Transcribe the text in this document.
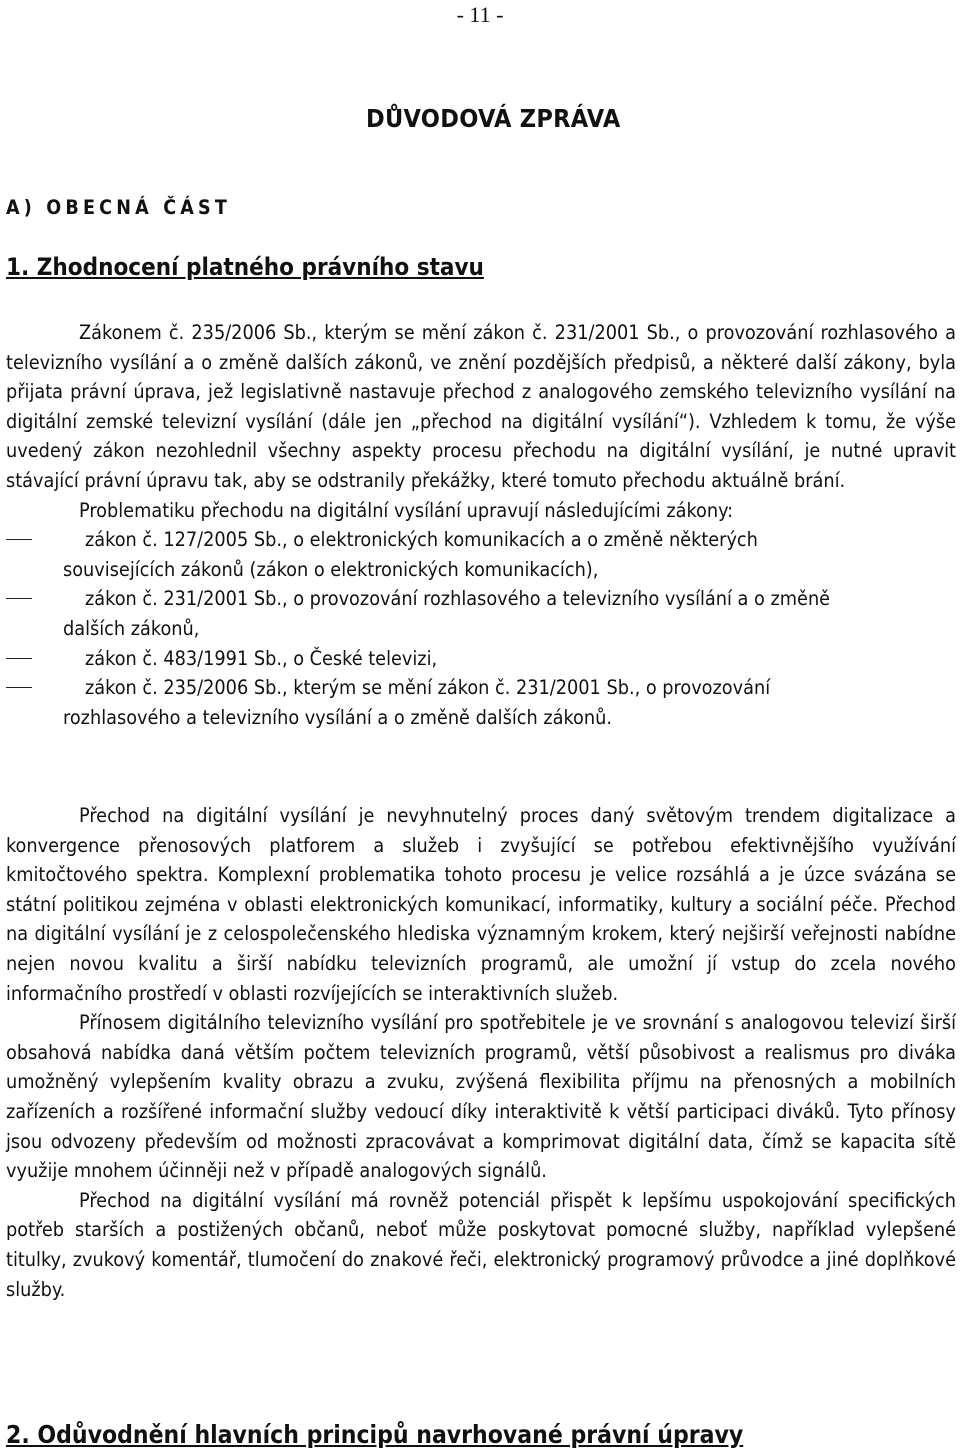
- 11 -
DŮVODOVÁ ZPRÁVA
A) OBECNÁ ČÁST
1. Zhodnocení platného právního stavu

Zákonem č. 235/2006 Sb., kterým se mění zákon č. 231/2001 Sb., o provozování rozhlasového a televizního vysílání a o změně dalších zákonů, ve znění pozdějších předpisů, a některé další zákony, byla přijata právní úprava, jež legislativně nastavuje přechod z analogového zemského televizního vysílání na digitální zemské televizní vysílání (dále jen „přechod na digitální vysílání“). Vzhledem k tomu, že výše uvedený zákon nezohlednil všechny aspekty procesu přechodu na digitální vysílání, je nutné upravit stávající právní úpravu tak, aby se odstranily překážky, které tomuto přechodu aktuálně brání.

Problematiku přechodu na digitální vysílání upravují následujícími zákony:

zákon č. 127/2005 Sb., o elektronických komunikacích a o změně některých
souvisejících zákonů (zákon o elektronických komunikacích),
zákon č. 231/2001 Sb., o provozování rozhlasového a televizního vysílání a o změně
dalších zákonů,
zákon č. 483/1991 Sb., o České televizi,
zákon č. 235/2006 Sb., kterým se mění zákon č. 231/2001 Sb., o provozování
rozhlasového a televizního vysílání a o změně dalších zákonů.

Přechod na digitální vysílání je nevyhnutelný proces daný světovým trendem digitalizace a konvergence přenosových platforem a služeb i zvyšující se potřebou efektivnějšího využívání kmitočtového spektra. Komplexní problematika tohoto procesu je velice rozsáhlá a je úzce svázána se státní politikou zejména v oblasti elektronických komunikací, informatiky, kultury a sociální péče. Přechod na digitální vysílání je z celospolečenského hlediska významným krokem, který nejširší veřejnosti nabídne nejen novou kvalitu a širší nabídku televizních programů, ale umožní jí vstup do zcela nového informačního prostředí v oblasti rozvíjejících se interaktivních služeb.

Přínosem digitálního televizního vysílání pro spotřebitele je ve srovnání s analogovou televizí širší obsahová nabídka daná větším počtem televizních programů, větší působivost a realismus pro diváka umožněný vylepšením kvality obrazu a zvuku, zvýšená flexibilita příjmu na přenosných a mobilních zařízeních a rozšířené informační služby vedoucí díky interaktivitě k větší participaci diváků. Tyto přínosy jsou odvozeny především od možnosti zpracovávat a komprimovat digitální data, čímž se kapacita sítě využije mnohem účinněji než v případě analogových signálů.

Přechod na digitální vysílání má rovněž potenciál přispět k lepšímu uspokojování specifických potřeb starších a postižených občanů, neboť může poskytovat pomocné služby, například vylepšené titulky, zvukový komentář, tlumočení do znakové řeči, elektronický programový průvodce a jiné doplňkové služby.

2. Odůvodnění hlavních principů navrhované právní úpravy
